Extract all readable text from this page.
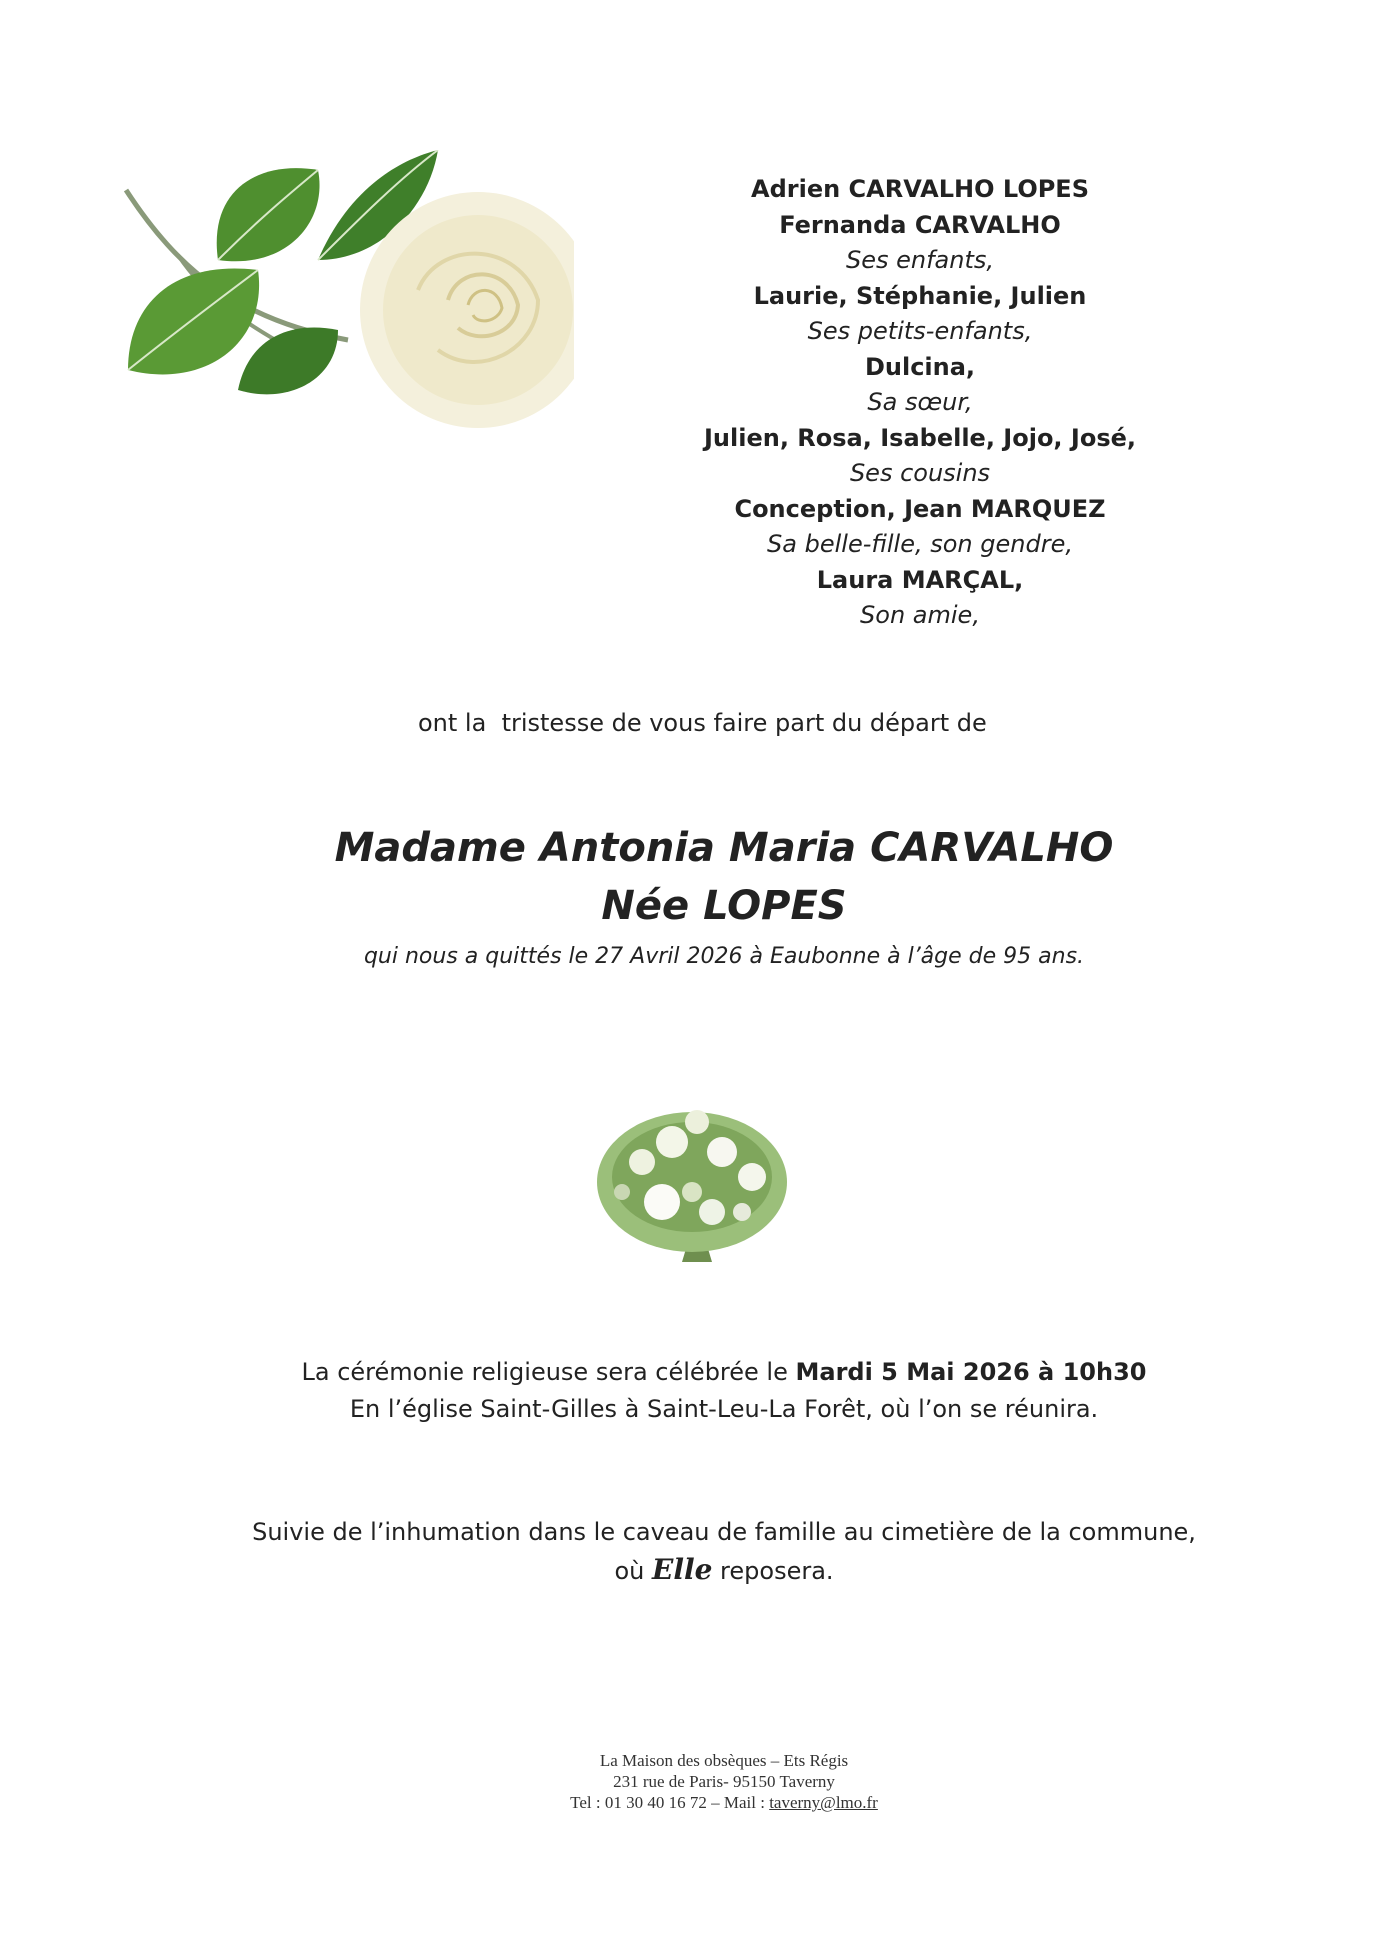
Adrien CARVALHO LOPES
Fernanda CARVALHO
Ses enfants,
Laurie, Stéphanie, Julien
Ses petits-enfants,
Dulcina,
Sa sœur,
Julien, Rosa, Isabelle, Jojo, José,
Ses cousins
Conception, Jean MARQUEZ
Sa belle-fille, son gendre,
Laura MARÇAL,
Son amie,
ont la  tristesse de vous faire part du départ de
Madame Antonia Maria CARVALHO
Née LOPES
qui nous a quittés le 27 Avril 2026 à Eaubonne à l’âge de 95 ans.
La cérémonie religieuse sera célébrée le Mardi 5 Mai 2026 à 10h30
En l’église Saint-Gilles à Saint-Leu-La Forêt, où l’on se réunira.
Suivie de l’inhumation dans le caveau de famille au cimetière de la commune,
où Elle reposera.
La Maison des obsèques – Ets Régis
231 rue de Paris- 95150 Taverny
Tel : 01 30 40 16 72 – Mail : taverny@lmo.fr
